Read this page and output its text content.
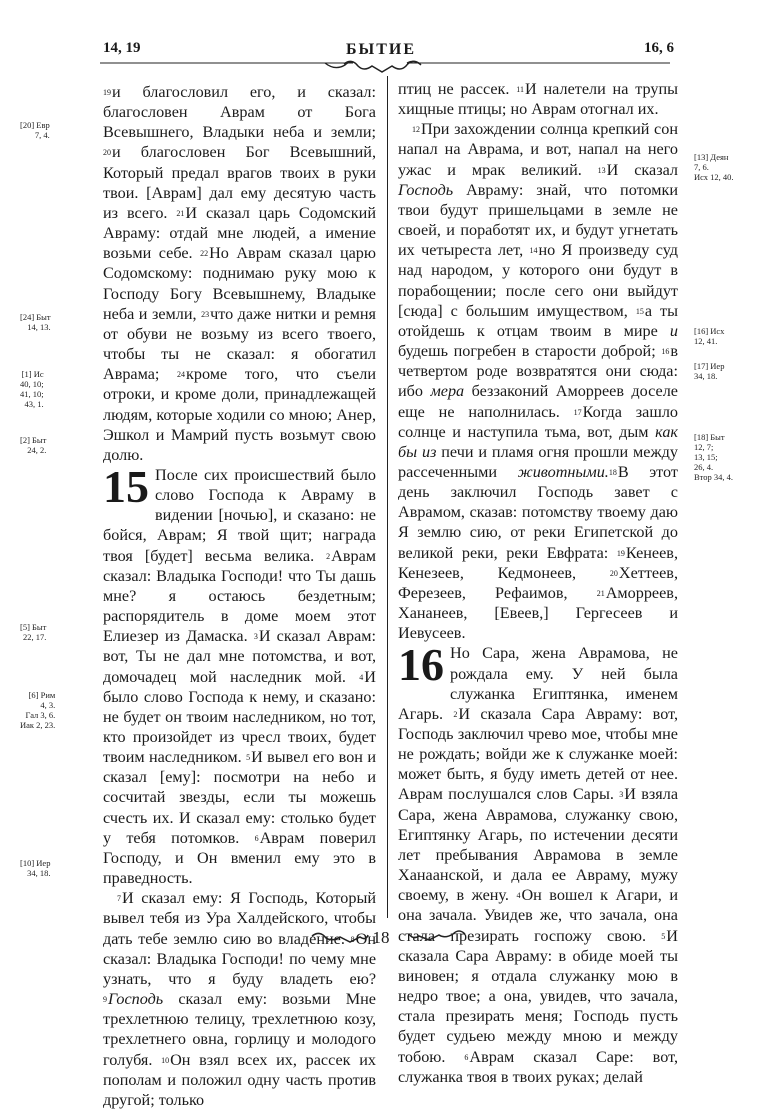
14, 19	БЫТИЕ	16, 6
[20] Евр
7, 4.
[24] Быт
14, 13.
[1] Ис
40, 10;
41, 10;
43, 1.
[2] Быт
24, 2.
[5] Быт
22, 17.
[6] Рим
4, 3.
Гал 3, 6.
Иак 2, 23.
[10] Иер
34, 18.
[13] Деян
7, 6.
Исх 12, 40.
[16] Исх
12, 41.
[17] Иер
34, 18.
[18] Быт
12, 7;
13, 15;
26, 4.
Втор 34, 4.

$^{19}$и благословил его, и сказал: благословен Аврам от Бога Всевышнего, Владыки неба и земли; $^{20}$и благословен Бог Всевышний, Который предал врагов твоих в руки твои. [Аврам] дал ему десятую часть из всего. $^{21}$И сказал царь Содомский Авраму: отдай мне людей, а имение возьми себе. $^{22}$Но Аврам сказал царю Содомскому: поднимаю руку мою к Господу Богу Всевышнему, Владыке неба и земли, $^{23}$что даже нитки и ремня от обуви не возьму из всего твоего, чтобы ты не сказал: я обогатил Аврама; $^{24}$кроме того, что съели отроки, и кроме доли, принадлежащей людям, которые ходили со мною; Анер, Эшкол и Мамрий пусть возьмут свою долю.

15 После сих происшествий было слово Господа к Авраму в видении [ночью], и сказано: не бойся, Аврам; Я твой щит; награда твоя [будет] весьма велика. $^2$Аврам сказал: Владыка Господи! что Ты дашь мне? я остаюсь бездетным; распорядитель в доме моем этот Елиезер из Дамаска. $^3$И сказал Аврам: вот, Ты не дал мне потомства, и вот, домочадец мой наследник мой. $^4$И было слово Господа к нему, и сказано: не будет он твоим наследником, но тот, кто произойдет из чресл твоих, будет твоим наследником. $^5$И вывел его вон и сказал [ему]: посмотри на небо и сосчитай звезды, если ты можешь счесть их. И сказал ему: столько будет у тебя потомков. $^6$Аврам поверил Господу, и Он вменил ему это в праведность.

$^7$И сказал ему: Я Господь, Который вывел тебя из Ура Халдейского, чтобы дать тебе землю сию во владение. $^8$Он сказал: Владыка Господи! по чему мне узнать, что я буду владеть ею? $^9$Господь сказал ему: возьми Мне трехлетнюю телицу, трехлетнюю козу, трехлетнего овна, горлицу и молодого голубя. $^{10}$Он взял всех их, рассек их пополам и положил одну часть против другой; только

птиц не рассек. $^{11}$И налетели на трупы хищные птицы; но Аврам отогнал их.

$^{12}$При захождении солнца крепкий сон напал на Аврама, и вот, напал на него ужас и мрак великий. $^{13}$И сказал Господь Авраму: знай, что потомки твои будут пришельцами в земле не своей, и поработят их, и будут угнетать их четыреста лет, $^{14}$но Я произведу суд над народом, у которого они будут в порабощении; после сего они выйдут [сюда] с большим имуществом, $^{15}$а ты отойдешь к отцам твоим в мире и будешь погребен в старости доброй; $^{16}$в четвертом роде возвратятся они сюда: ибо мера беззаконий Аморреев доселе еще не наполнилась. $^{17}$Когда зашло солнце и наступила тьма, вот, дым как бы из печи и пламя огня прошли между рассеченными животными.$^{18}$В этот день заключил Господь завет с Аврамом, сказав: потомству твоему даю Я землю сию, от реки Египетской до великой реки, реки Евфрата: $^{19}$Кенеев, Кенезеев, Кедмонеев, $^{20}$Хеттеев, Ферезеев, Рефаимов, $^{21}$Аморреев, Хананеев, [Евеев,] Гергесеев и Иевусеев.

16 Но Сара, жена Аврамова, не рождала ему. У ней была служанка Египтянка, именем Агарь. $^2$И сказала Сара Авраму: вот, Господь заключил чрево мое, чтобы мне не рождать; войди же к служанке моей: может быть, я буду иметь детей от нее. Аврам послушался слов Сары. $^3$И взяла Сара, жена Аврамова, служанку свою, Египтянку Агарь, по истечении десяти лет пребывания Аврамова в земле Ханаанской, и дала ее Авраму, мужу своему, в жену. $^4$Он вошел к Агари, и она зачала. Увидев же, что зачала, она стала презирать госпожу свою. $^5$И сказала Сара Авраму: в обиде моей ты виновен; я отдала служанку мою в недро твое; а она, увидев, что зачала, стала презирать меня; Господь пусть будет судьею между мною и между тобою. $^6$Аврам сказал Саре: вот, служанка твоя в твоих руках; делай

18
